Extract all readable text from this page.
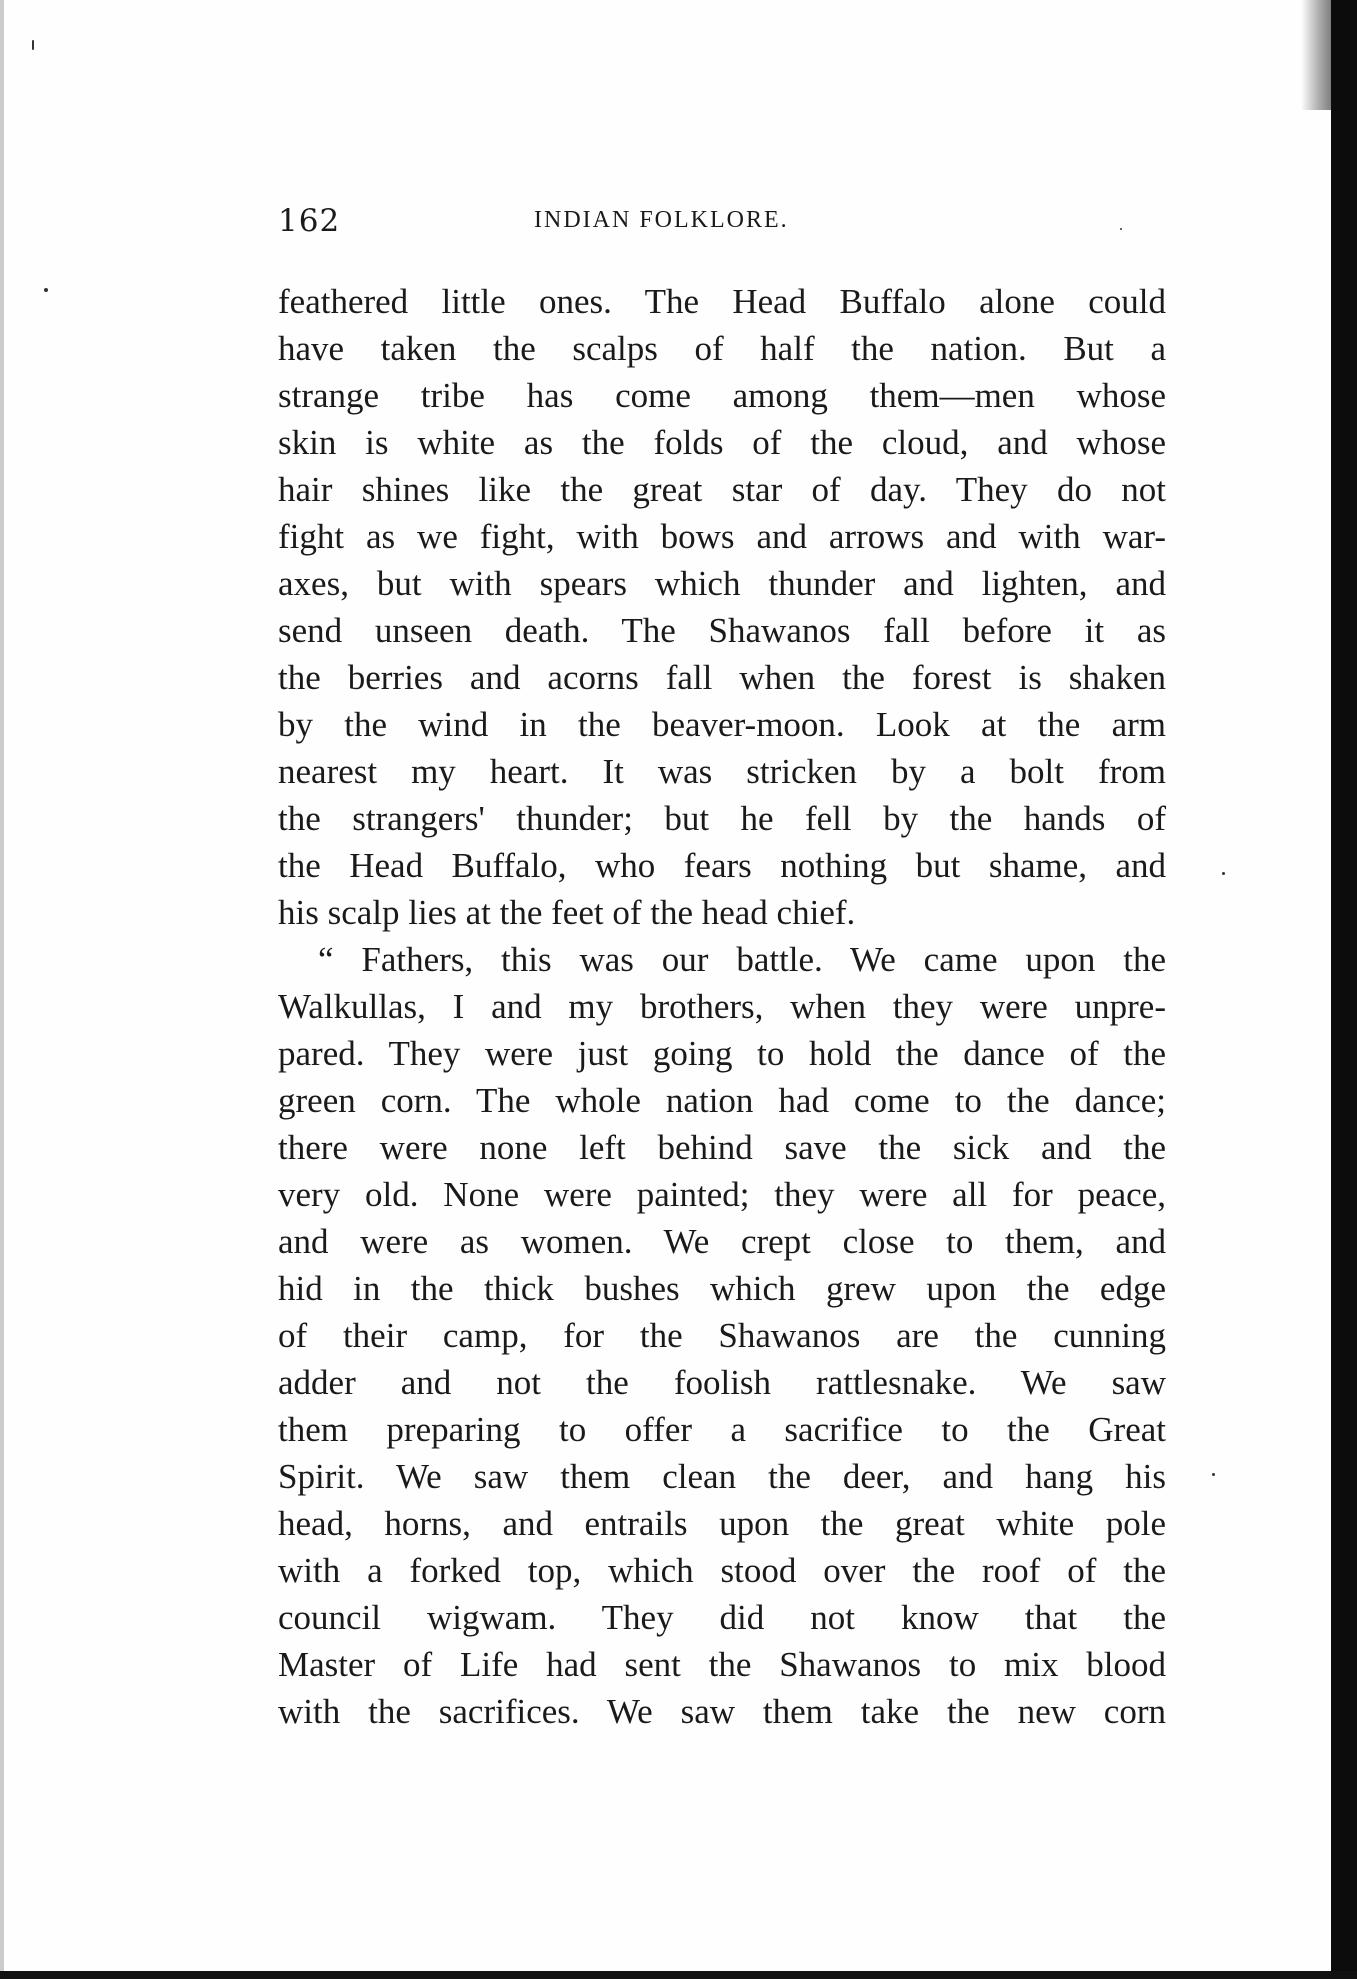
162	INDIAN FOLKLORE.
feathered little ones. The Head Buffalo alone could
have taken the scalps of half the nation. But a
strange tribe has come among them—men whose
skin is white as the folds of the cloud, and whose
hair shines like the great star of day. They do not
fight as we fight, with bows and arrows and with war-
axes, but with spears which thunder and lighten, and
send unseen death. The Shawanos fall before it as
the berries and acorns fall when the forest is shaken
by the wind in the beaver-moon. Look at the arm
nearest my heart. It was stricken by a bolt from
the strangers' thunder; but he fell by the hands of
the Head Buffalo, who fears nothing but shame, and
his scalp lies at the feet of the head chief.
“ Fathers, this was our battle. We came upon the
Walkullas, I and my brothers, when they were unpre-
pared. They were just going to hold the dance of the
green corn. The whole nation had come to the dance;
there were none left behind save the sick and the
very old. None were painted; they were all for peace,
and were as women. We crept close to them, and
hid in the thick bushes which grew upon the edge
of their camp, for the Shawanos are the cunning
adder and not the foolish rattlesnake. We saw
them preparing to offer a sacrifice to the Great
Spirit. We saw them clean the deer, and hang his
head, horns, and entrails upon the great white pole
with a forked top, which stood over the roof of the
council wigwam. They did not know that the
Master of Life had sent the Shawanos to mix blood
with the sacrifices. We saw them take the new corn
